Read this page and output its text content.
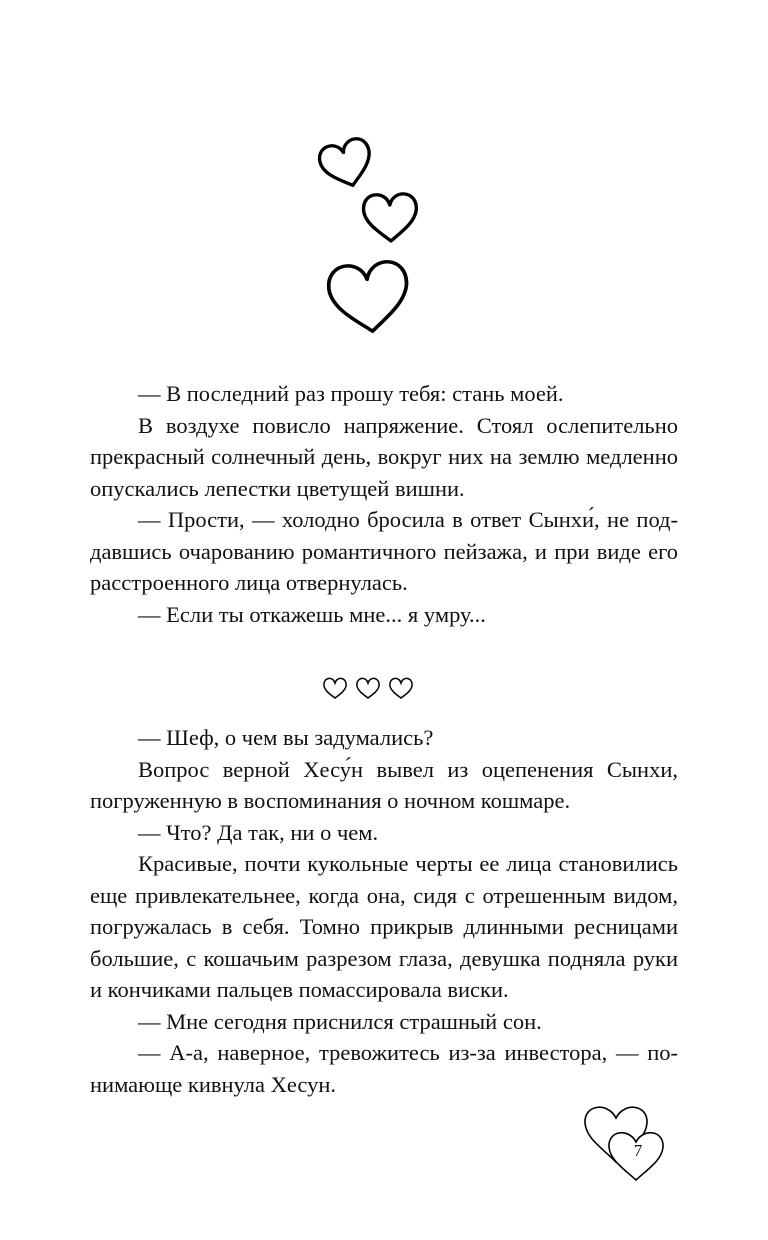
— В последний раз прошу тебя: стань моей.

В воздухе повисло напряжение. Стоял ослепительно прекрасный солнечный день, вокруг них на землю медленно опускались лепестки цветущей вишни.

— Прости, — холодно бросила в ответ Сынхи́, не поддавшись очарованию романтичного пейзажа, и при виде его расстроенного лица отвернулась.

— Если ты откажешь мне... я умру...

— Шеф, о чем вы задумались?

Вопрос верной Хесу́н вывел из оцепенения Сынхи, погруженную в воспоминания о ночном кошмаре.

— Что? Да так, ни о чем.

Красивые, почти кукольные черты ее лица становились еще привлекательнее, когда она, сидя с отрешенным видом, погружалась в себя. Томно прикрыв длинными ресницами большие, с кошачьим разрезом глаза, девушка подняла руки и кончиками пальцев помассировала виски.

— Мне сегодня приснился страшный сон.

— А-а, наверное, тревожитесь из-за инвестора, — понимающе кивнула Хесун.

7
